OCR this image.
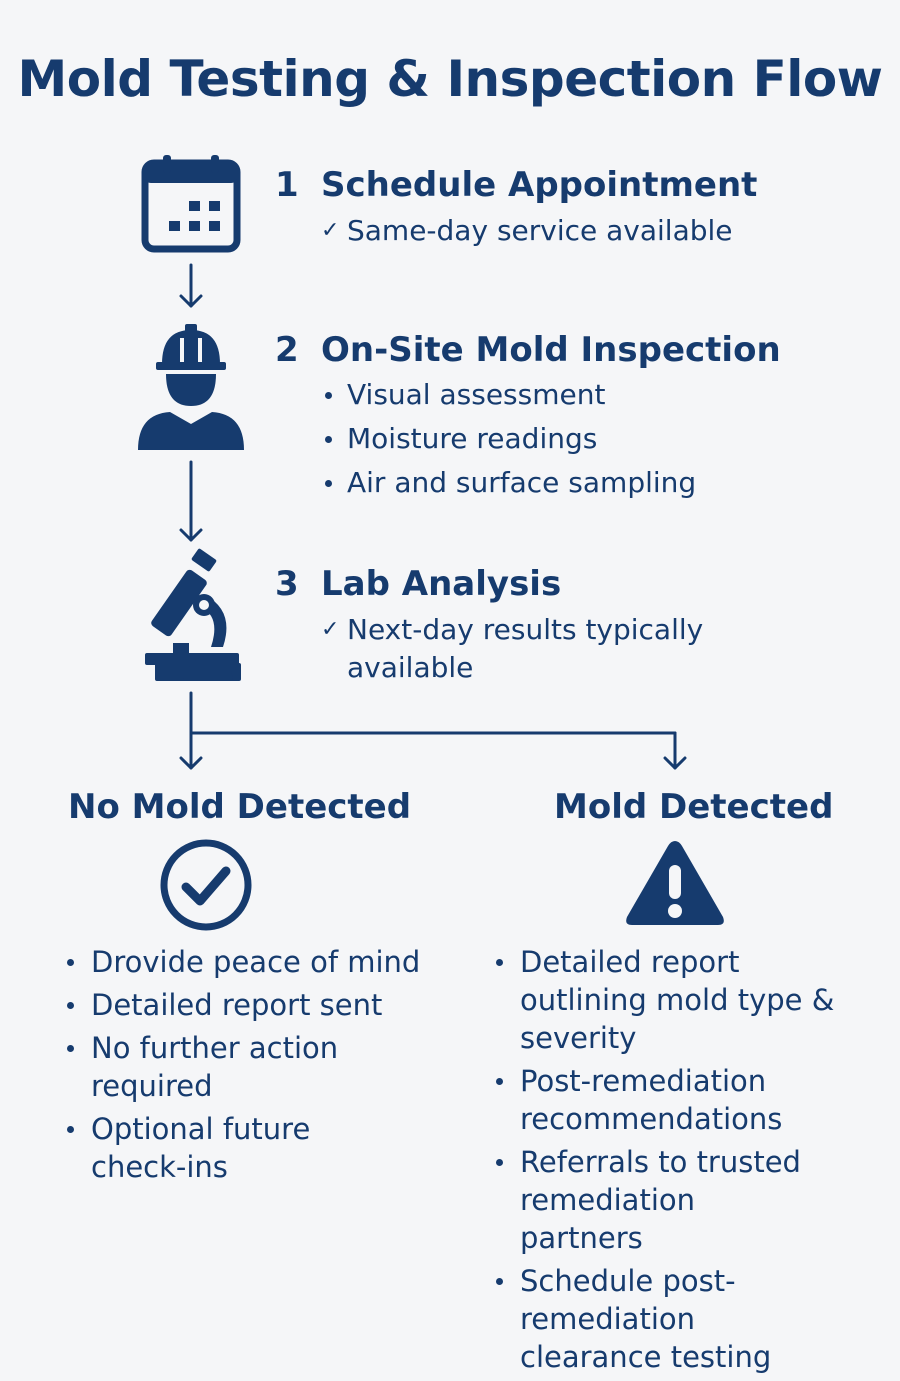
Mold Testing & Inspection Flow
1 Schedule Appointment
✓ Same-day service available
2 On-Site Mold Inspection
Visual assessment
Moisture readings
Air and surface sampling
3 Lab Analysis
✓ Next-day results typically available
No Mold Detected
Drovide peace of mind
Detailed report sent
No further action required
Optional future check-ins
Mold Detected
Detailed report outlining mold type & severity
Post-remediation recommendations
Referrals to trusted remediation partners
Schedule post-remediation clearance testing
